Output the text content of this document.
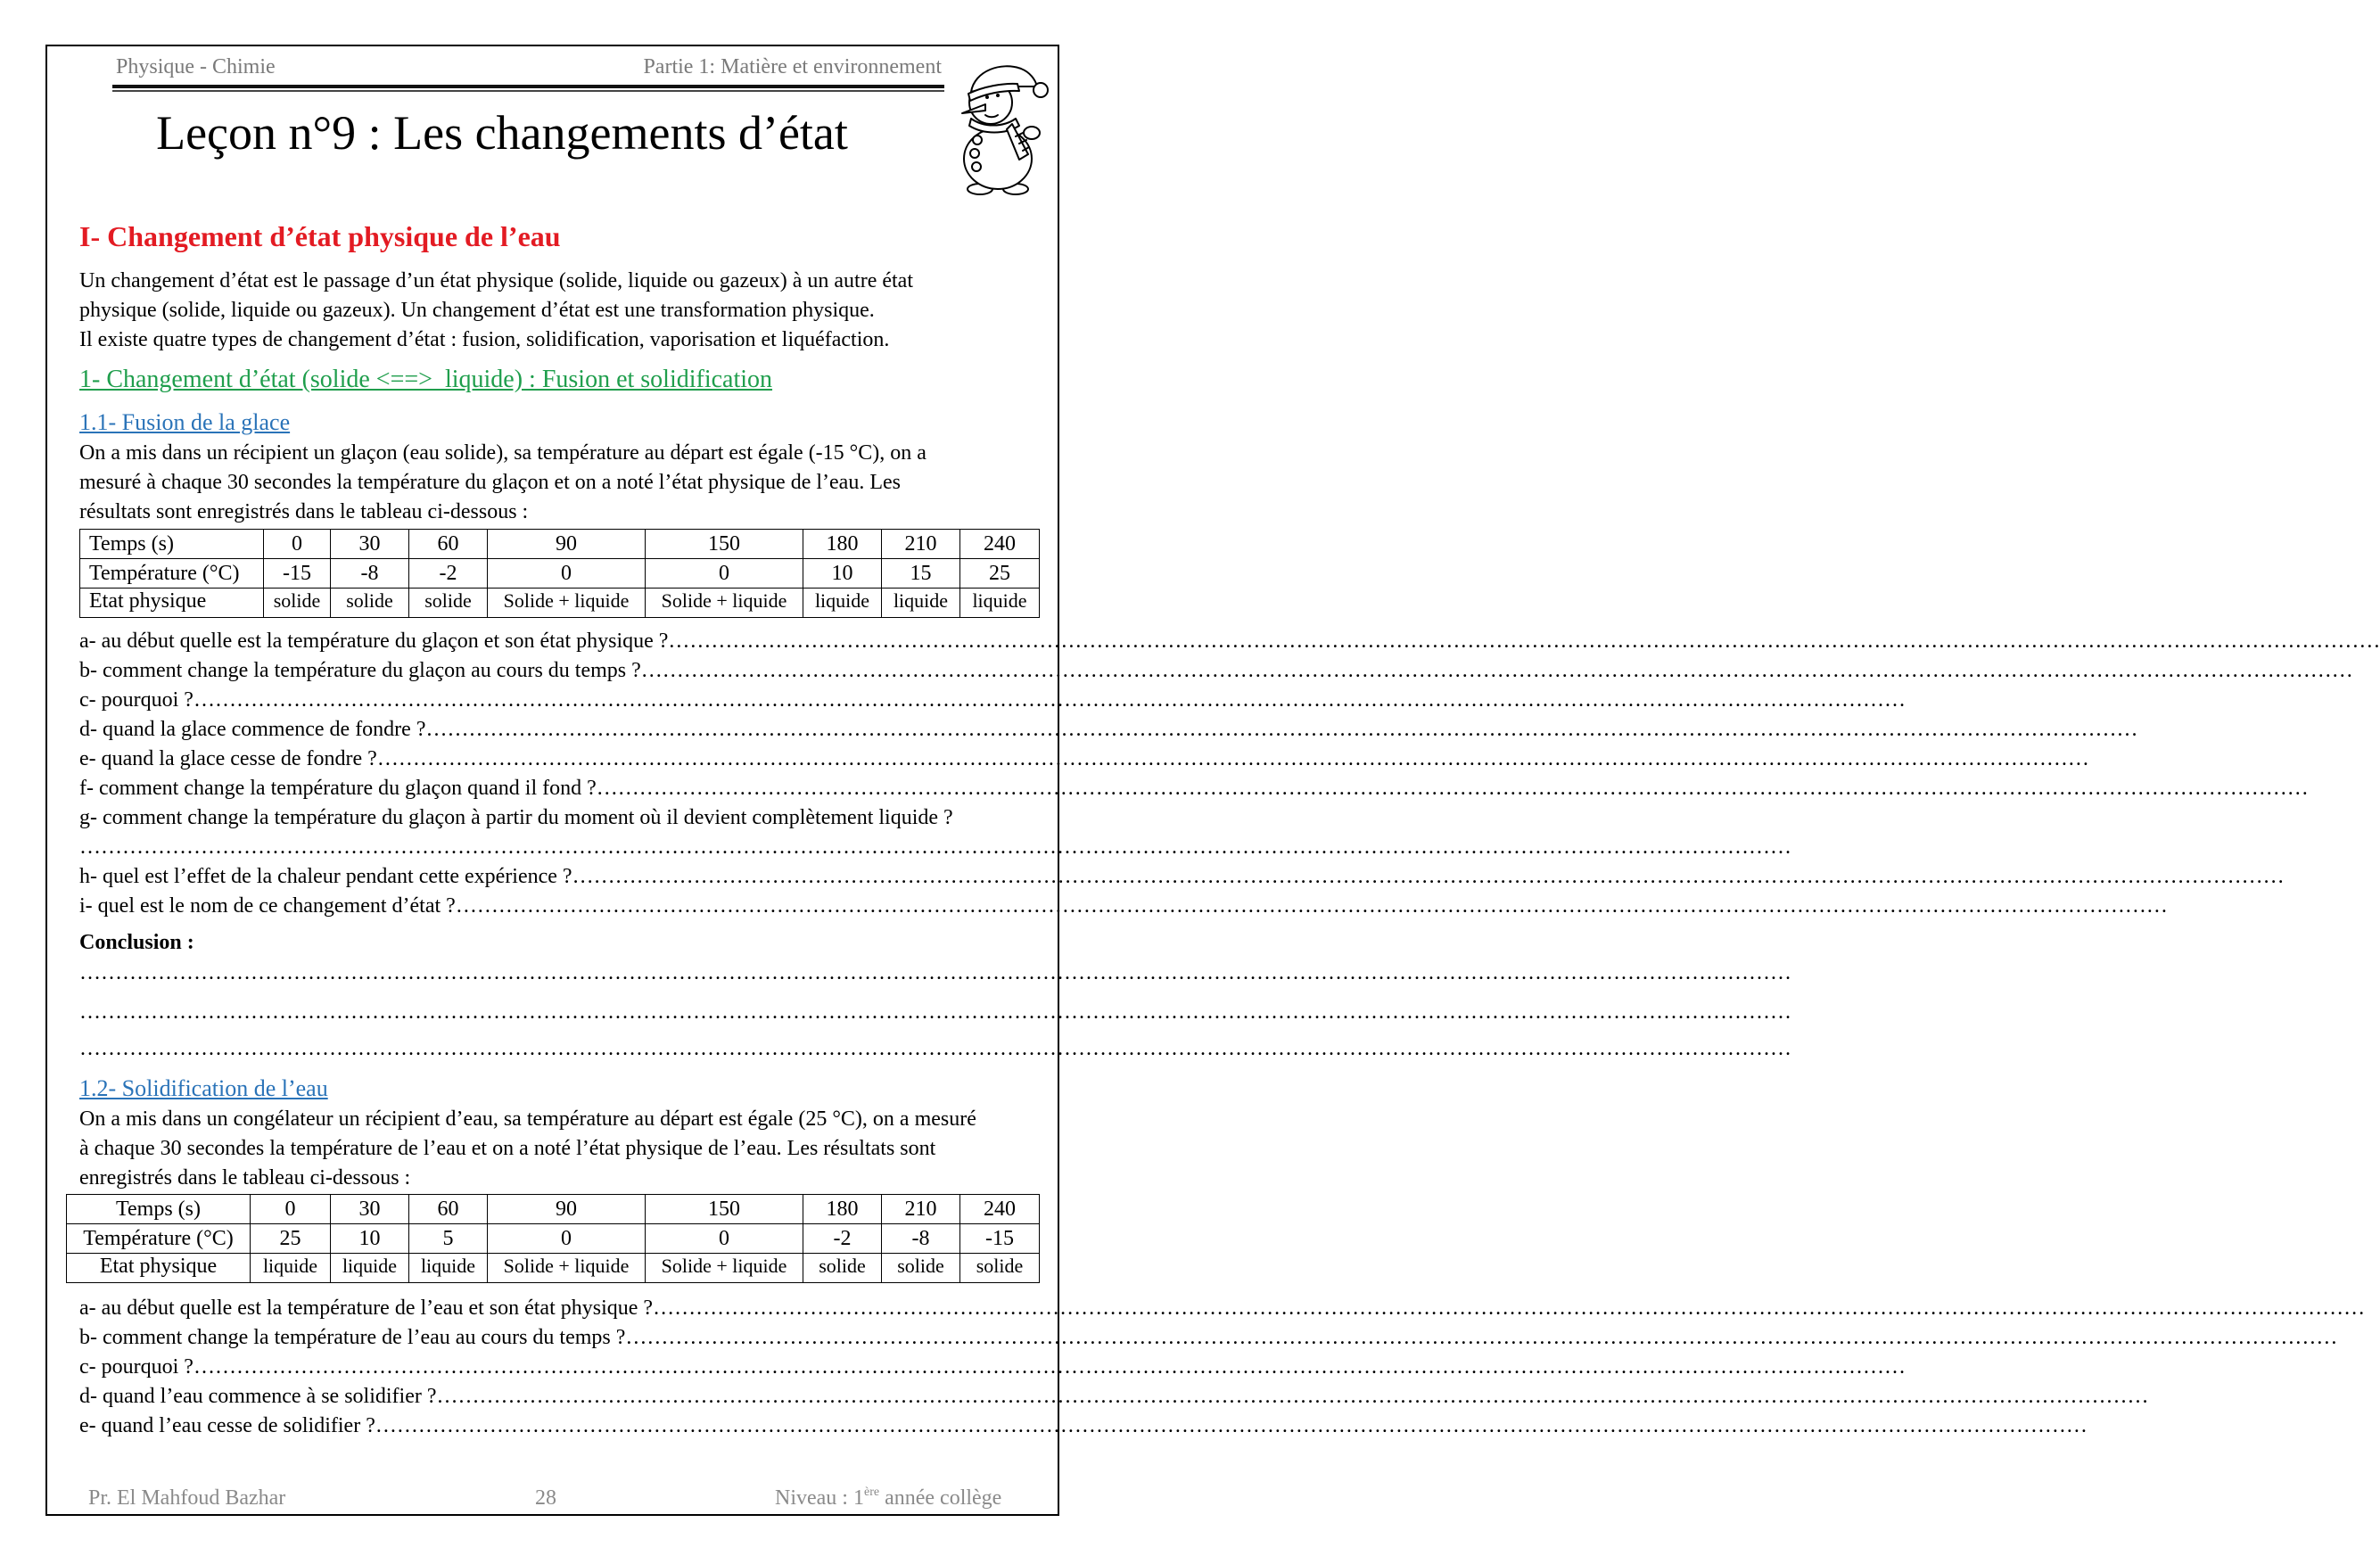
Physique - Chimie	Partie 1: Matière et environnement
Leçon n°9 : Les changements d’état
I- Changement d’état physique de l’eau
Un changement d’état est le passage d’un état physique (solide, liquide ou gazeux) à un autre état
physique (solide, liquide ou gazeux). Un changement d’état est une transformation physique.
Il existe quatre types de changement d’état : fusion, solidification, vaporisation et liquéfaction.
1- Changement d’état (solide <==>  liquide) : Fusion et solidification
1.1- Fusion de la glace
On a mis dans un récipient un glaçon (eau solide), sa température au départ est égale (-15 °C), on a
mesuré à chaque 30 secondes la température du glaçon et on a noté l’état physique de l’eau. Les
résultats sont enregistrés dans le tableau ci-dessous :
Temps (s)	0	30	60	90	150	180	210	240
Température (°C)	-15	-8	-2	0	0	10	15	25
Etat physique	solide	solide	solide	Solide + liquide	Solide + liquide	liquide	liquide	liquide
a- au début quelle est la température du glaçon et son état physique ? ……………………………………………………………………………………………………………………………………………………………………………………………………………………
b- comment change la température du glaçon au cours du temps ? ……………………………………………………………………………………………………………………………………………………………………………………………………………………
c- pourquoi ? ……………………………………………………………………………………………………………………………………………………………………………………………………………………
d- quand la glace commence de fondre ? ……………………………………………………………………………………………………………………………………………………………………………………………………………………
e- quand la glace cesse de fondre ? ……………………………………………………………………………………………………………………………………………………………………………………………………………………
f- comment change la température du glaçon quand il fond ? ……………………………………………………………………………………………………………………………………………………………………………………………………………………
g- comment change la température du glaçon à partir du moment où il devient complètement liquide ?
……………………………………………………………………………………………………………………………………………………………………………………………………………………
h- quel est l’effet de la chaleur pendant cette expérience ? ……………………………………………………………………………………………………………………………………………………………………………………………………………………
i- quel est le nom de ce changement d’état ? ……………………………………………………………………………………………………………………………………………………………………………………………………………………
Conclusion :
……………………………………………………………………………………………………………………………………………………………………………………………………………………
……………………………………………………………………………………………………………………………………………………………………………………………………………………
……………………………………………………………………………………………………………………………………………………………………………………………………………………
1.2- Solidification de l’eau
On a mis dans un congélateur un récipient d’eau, sa température au départ est égale (25 °C), on a mesuré
à chaque 30 secondes la température de l’eau et on a noté l’état physique de l’eau. Les résultats sont
enregistrés dans le tableau ci-dessous :
Temps (s)	0	30	60	90	150	180	210	240
Température (°C)	25	10	5	0	0	-2	-8	-15
Etat physique	liquide	liquide	liquide	Solide + liquide	Solide + liquide	solide	solide	solide
a- au début quelle est la température de l’eau et son état physique ? ……………………………………………………………………………………………………………………………………………………………………………………………………………………
b- comment change la température de l’eau au cours du temps ? ……………………………………………………………………………………………………………………………………………………………………………………………………………………
c- pourquoi ? ……………………………………………………………………………………………………………………………………………………………………………………………………………………
d- quand l’eau commence à se solidifier ? ……………………………………………………………………………………………………………………………………………………………………………………………………………………
e- quand l’eau cesse de solidifier ? ……………………………………………………………………………………………………………………………………………………………………………………………………………………
Pr. El Mahfoud Bazhar	28	Niveau : 1ère année collège
